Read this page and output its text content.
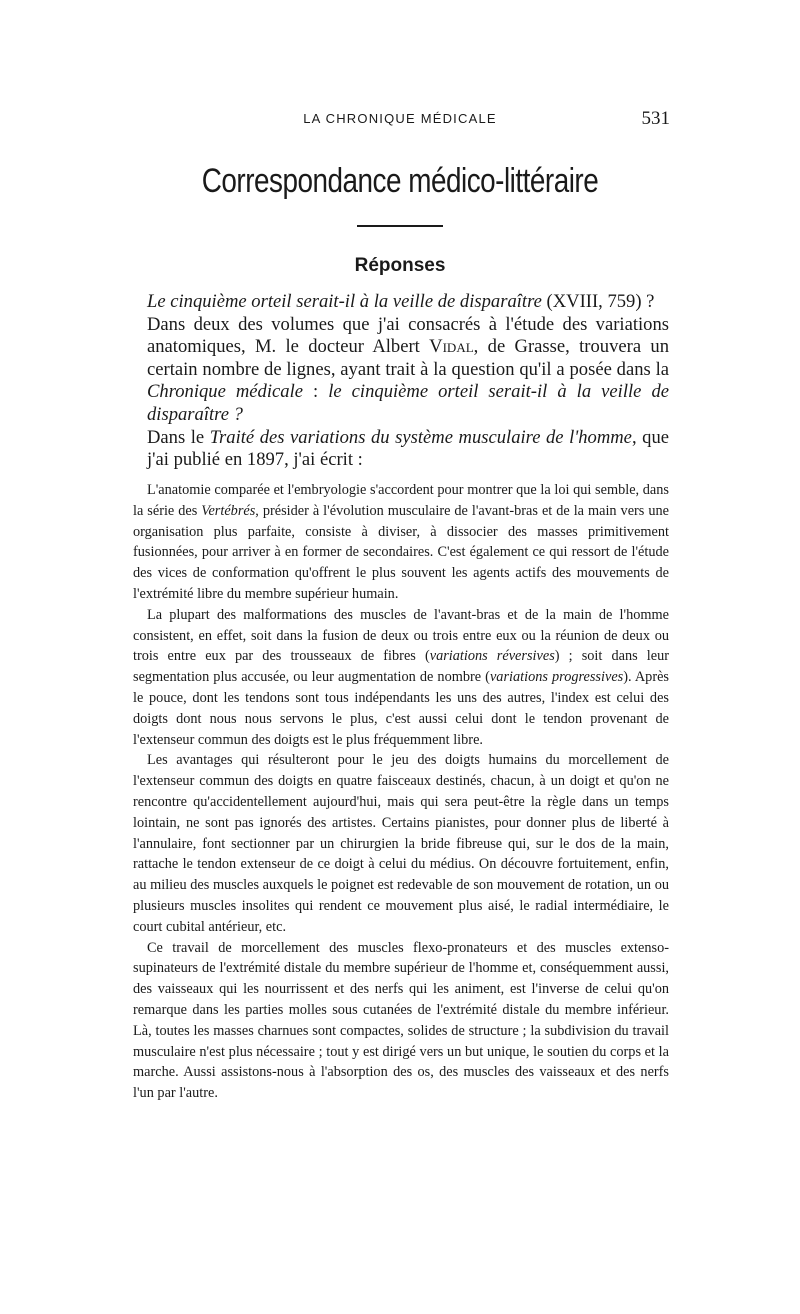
LA CHRONIQUE MÉDICALE	531
Correspondance médico-littéraire
Réponses

Le cinquième orteil serait-il à la veille de disparaître (XVIII, 759) ?

Dans deux des volumes que j'ai consacrés à l'étude des variations anatomiques, M. le docteur Albert Vidal, de Grasse, trouvera un certain nombre de lignes, ayant trait à la question qu'il a posée dans la Chronique médicale : le cinquième orteil serait-il à la veille de disparaître ?

Dans le Traité des variations du système musculaire de l'homme, que j'ai publié en 1897, j'ai écrit :

L'anatomie comparée et l'embryologie s'accordent pour montrer que la loi qui semble, dans la série des Vertébrés, présider à l'évolution musculaire de l'avant-bras et de la main vers une organisation plus parfaite, consiste à diviser, à dissocier des masses primitivement fusionnées, pour arriver à en former de secondaires. C'est également ce qui ressort de l'étude des vices de conformation qu'offrent le plus souvent les agents actifs des mouvements de l'extrémité libre du membre supérieur humain.

La plupart des malformations des muscles de l'avant-bras et de la main de l'homme consistent, en effet, soit dans la fusion de deux ou trois entre eux ou la réunion de deux ou trois entre eux par des trousseaux de fibres (variations réversives) ; soit dans leur segmentation plus accusée, ou leur augmentation de nombre (variations progressives). Après le pouce, dont les tendons sont tous indépendants les uns des autres, l'index est celui des doigts dont nous nous servons le plus, c'est aussi celui dont le tendon provenant de l'extenseur commun des doigts est le plus fréquemment libre.

Les avantages qui résulteront pour le jeu des doigts humains du morcellement de l'extenseur commun des doigts en quatre faisceaux destinés, chacun, à un doigt et qu'on ne rencontre qu'accidentellement aujourd'hui, mais qui sera peut-être la règle dans un temps lointain, ne sont pas ignorés des artistes. Certains pianistes, pour donner plus de liberté à l'annulaire, font sectionner par un chirurgien la bride fibreuse qui, sur le dos de la main, rattache le tendon extenseur de ce doigt à celui du médius. On découvre fortuitement, enfin, au milieu des muscles auxquels le poignet est redevable de son mouvement de rotation, un ou plusieurs muscles insolites qui rendent ce mouvement plus aisé, le radial intermédiaire, le court cubital antérieur, etc.

Ce travail de morcellement des muscles flexo-pronateurs et des muscles extenso-supinateurs de l'extrémité distale du membre supérieur de l'homme et, conséquemment aussi, des vaisseaux qui les nourrissent et des nerfs qui les animent, est l'inverse de celui qu'on remarque dans les parties molles sous cutanées de l'extrémité distale du membre inférieur. Là, toutes les masses charnues sont compactes, solides de structure ; la subdivision du travail musculaire n'est plus nécessaire ; tout y est dirigé vers un but unique, le soutien du corps et la marche. Aussi assistons-nous à l'absorption des os, des muscles des vaisseaux et des nerfs l'un par l'autre.
